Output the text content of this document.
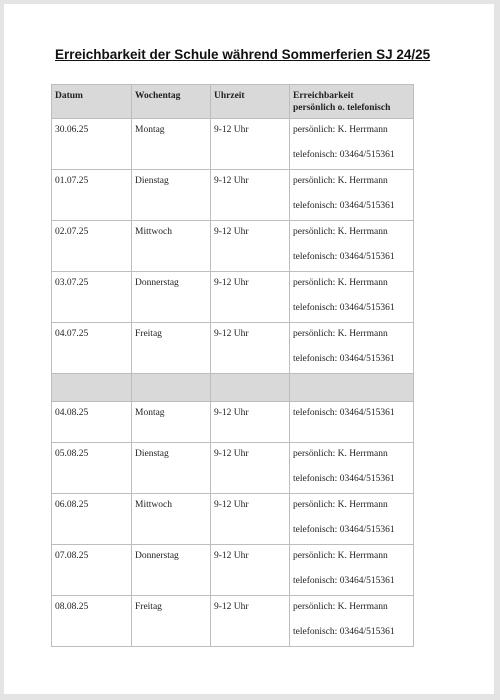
Erreichbarkeit der Schule während Sommerferien SJ 24/25
Datum	Wochentag	Uhrzeit	Erreichbarkeit
persönlich o. telefonisch

30.06.25	Montag	9-12 Uhr	persönlich: K. Herrmann
telefonisch: 03464/515361

01.07.25	Dienstag	9-12 Uhr	persönlich: K. Herrmann
telefonisch: 03464/515361

02.07.25	Mittwoch	9-12 Uhr	persönlich: K. Herrmann
telefonisch: 03464/515361

03.07.25	Donnerstag	9-12 Uhr	persönlich: K. Herrmann
telefonisch: 03464/515361

04.07.25	Freitag	9-12 Uhr	persönlich: K. Herrmann
telefonisch: 03464/515361

04.08.25	Montag	9-12 Uhr	telefonisch: 03464/515361

05.08.25	Dienstag	9-12 Uhr	persönlich: K. Herrmann
telefonisch: 03464/515361

06.08.25	Mittwoch	9-12 Uhr	persönlich: K. Herrmann
telefonisch: 03464/515361

07.08.25	Donnerstag	9-12 Uhr	persönlich: K. Herrmann
telefonisch: 03464/515361

08.08.25	Freitag	9-12 Uhr	persönlich: K. Herrmann
telefonisch: 03464/515361
